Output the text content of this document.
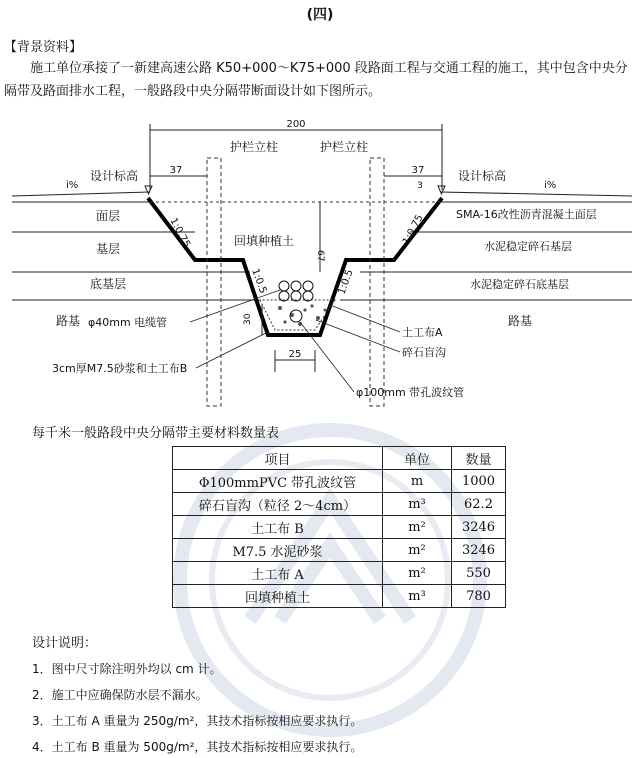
(四)
【背景资料】
施工单位承接了一新建高速公路 K50+000～K75+000 段路面工程与交通工程的施工，其中包含中央分隔带及路面排水工程，一般路段中央分隔带断面设计如下图所示。
200
37	37
3
67
30
25
1:0.75	1:0.75
1:0.5	1:0.5
护栏立柱	护栏立柱
设计标高	设计标高
i%	i%
面层
基层
底基层
路基	路基
回填种植土
SMA-16改性沥青混凝土面层
水泥稳定碎石基层
水泥稳定碎石底基层
φ40mm 电缆管
3cm厚M7.5砂浆和土工布B
土工布A
碎石盲沟
φ100mm 带孔波纹管
每千米一般路段中央分隔带主要材料数量表
项目	单位	数量
Φ100mmPVC 带孔波纹管	m	1000
碎石盲沟（粒径 2～4cm）	m³	62.2
土工布 B	m²	3246
M7.5 水泥砂浆	m²	3246
土工布 A	m²	550
回填种植土	m³	780
设计说明：
1．图中尺寸除注明外均以 cm 计。
2．施工中应确保防水层不漏水。
3．土工布 A 重量为 250g/m²，其技术指标按相应要求执行。
4．土工布 B 重量为 500g/m²，其技术指标按相应要求执行。
